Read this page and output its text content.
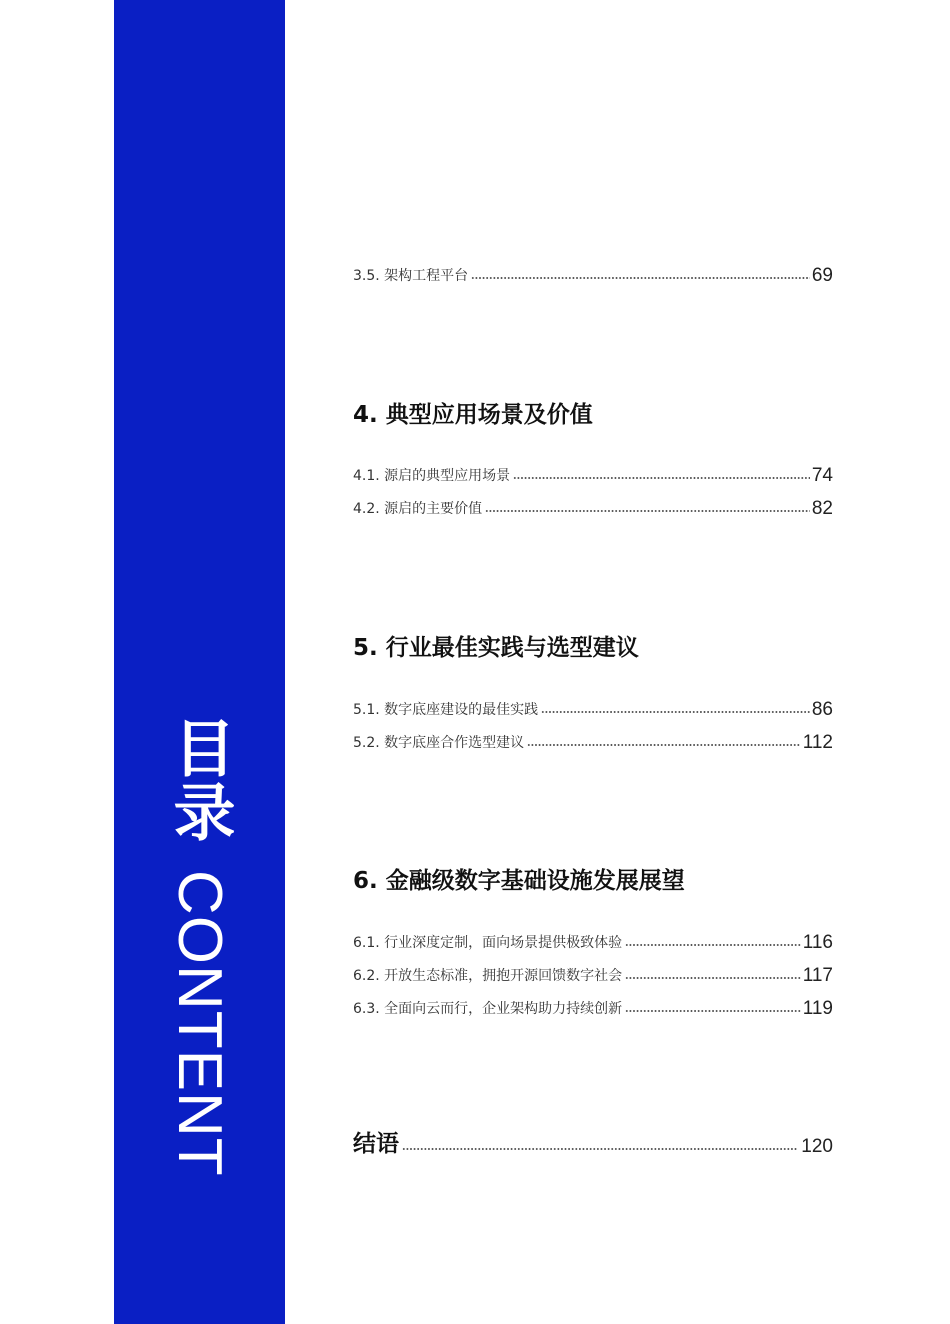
目录CONTENT
3.5. 架构工程平台	69
4. 典型应用场景及价值
4.1. 源启的典型应用场景	74
4.2. 源启的主要价值	82
5. 行业最佳实践与选型建议
5.1. 数字底座建设的最佳实践	86
5.2. 数字底座合作选型建议	112
6. 金融级数字基础设施发展展望
6.1. 行业深度定制，面向场景提供极致体验	116
6.2. 开放生态标准，拥抱开源回馈数字社会	117
6.3. 全面向云而行，企业架构助力持续创新	119
结语	120
